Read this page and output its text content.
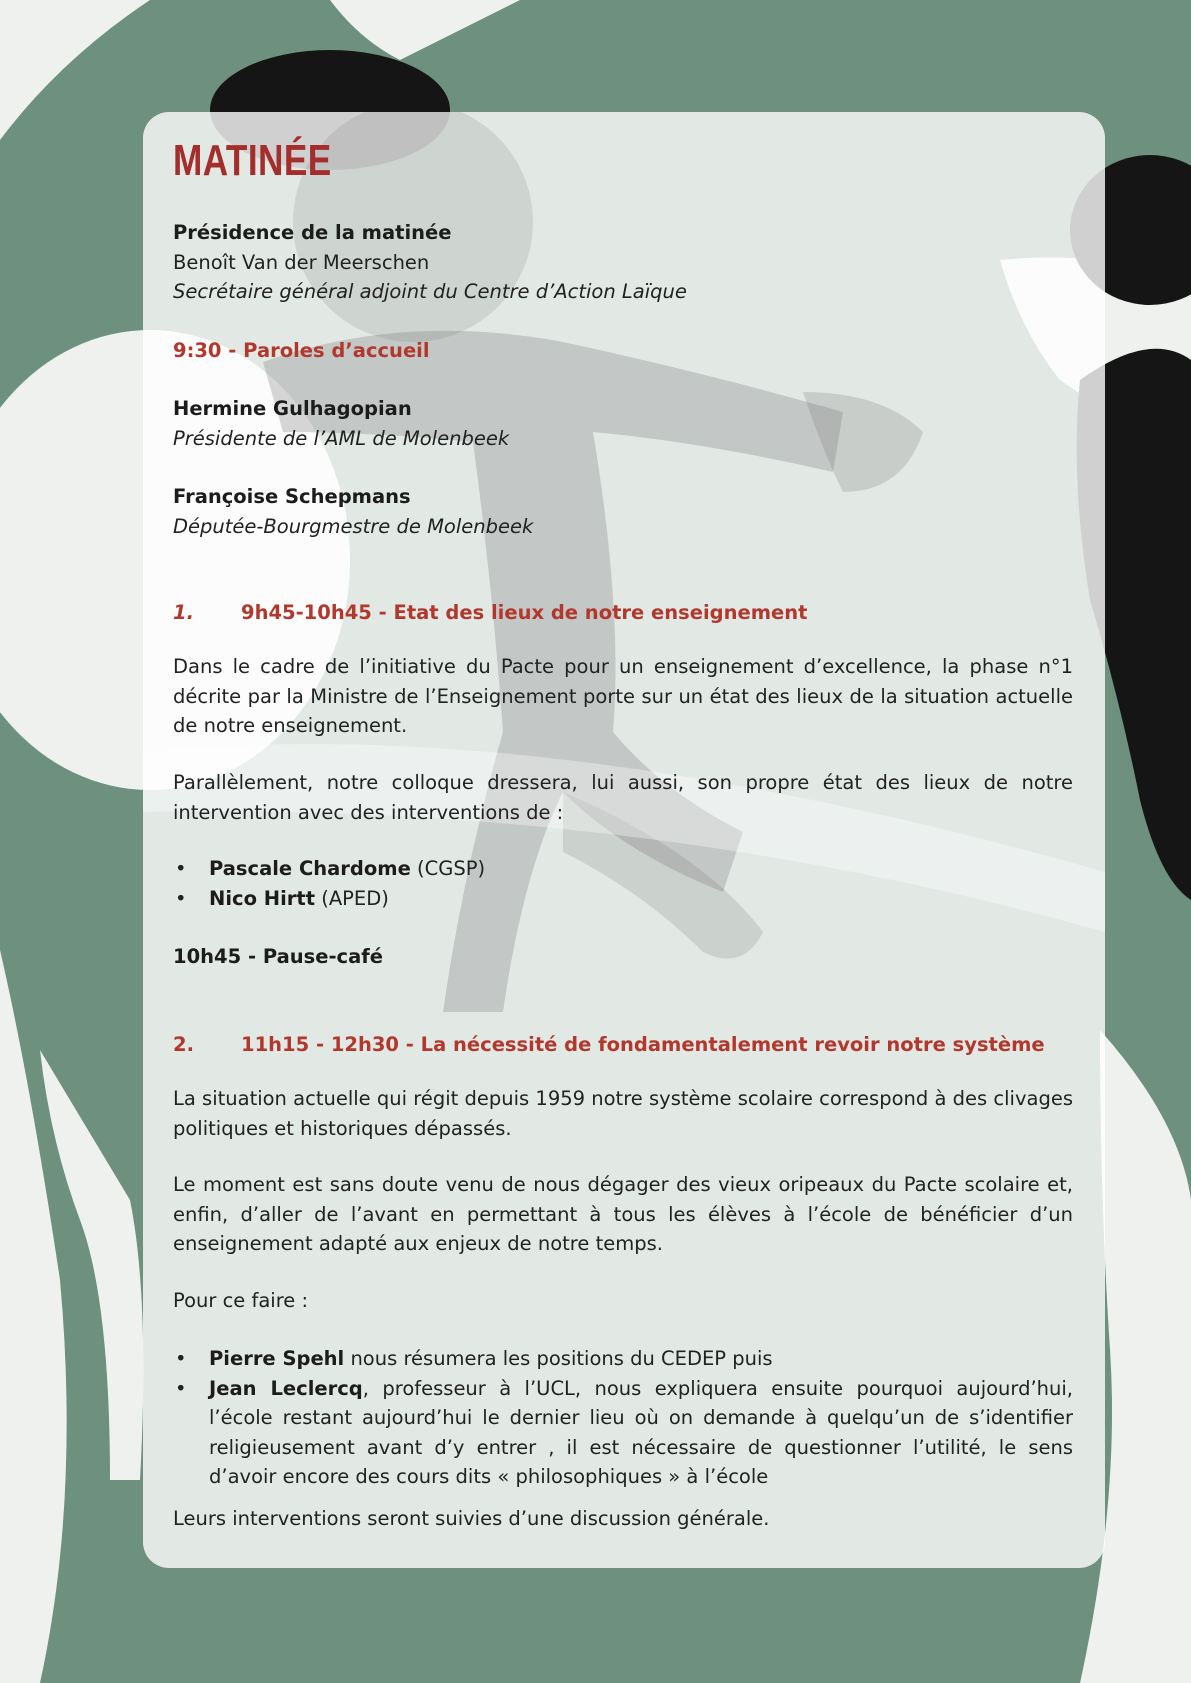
MATINÉE
Présidence de la matinée
Benoît Van der Meerschen
Secrétaire général adjoint du Centre d’Action Laïque
9:30 - Paroles d’accueil
Hermine Gulhagopian
Présidente de l’AML de Molenbeek
Françoise Schepmans
Députée-Bourgmestre de Molenbeek
1. 9h45-10h45 - Etat des lieux de notre enseignement

Dans le cadre de l’initiative du Pacte pour un enseignement d’excellence, la phase n°1 décrite par la Ministre de l’Enseignement porte sur un état des lieux de la situation actuelle de notre enseignement.

Parallèlement, notre colloque dressera, lui aussi, son propre état des lieux de notre intervention avec des interventions de :

• Pascale Chardome (CGSP)
• Nico Hirtt (APED)
10h45 - Pause-café
2. 11h15 - 12h30 - La nécessité de fondamentalement revoir notre système

La situation actuelle qui régit depuis 1959 notre système scolaire correspond à des clivages politiques et historiques dépassés.

Le moment est sans doute venu de nous dégager des vieux oripeaux du Pacte scolaire et, enfin, d’aller de l’avant en permettant à tous les élèves à l’école de bénéficier d’un enseignement adapté aux enjeux de notre temps.

Pour ce faire :

• Pierre Spehl nous résumera les positions du CEDEP puis
• Jean Leclercq, professeur à l’UCL, nous expliquera ensuite pourquoi aujourd’hui, l’école restant aujourd’hui le dernier lieu où on demande à quelqu’un de s’identifier religieusement avant d’y entrer , il est nécessaire de questionner l’utilité, le sens d’avoir encore des cours dits « philosophiques » à l’école

Leurs interventions seront suivies d’une discussion générale.
